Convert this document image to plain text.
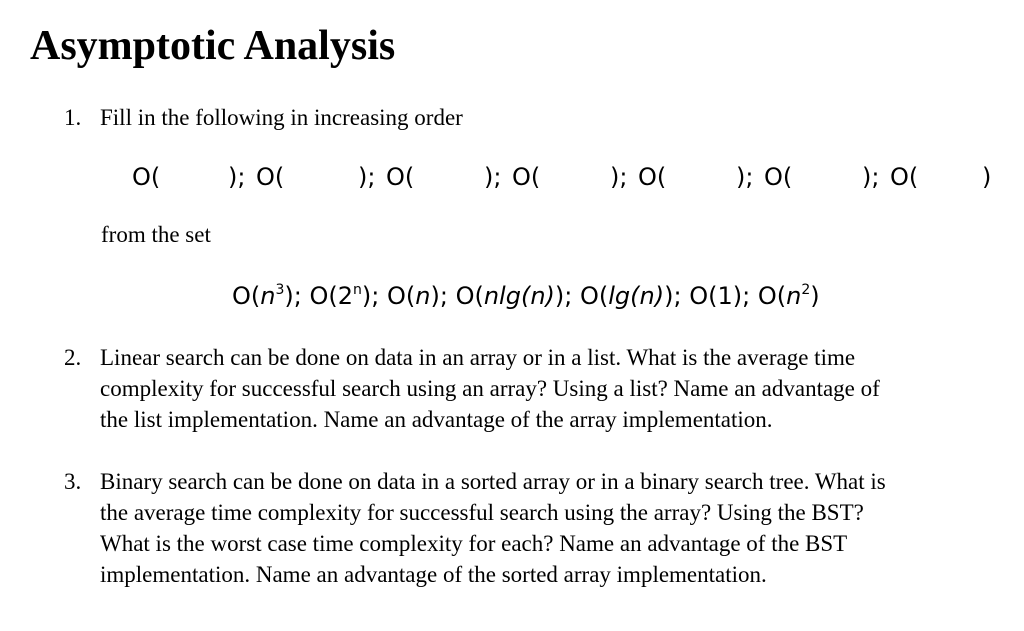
Asymptotic Analysis
1. Fill in the following in increasing order
O(	); O(	); O(	); O(	); O(	); O(	); O(	)
from the set
$O(n^3)$; O(2$^n$); O(n); O(nlg(n)); O(lg(n)); O(1); $O(n^2)$
2. Linear search can be done on data in an array or in a list. What is the average time complexity for successful search using an array? Using a list? Name an advantage of the list implementation. Name an advantage of the array implementation.
3. Binary search can be done on data in a sorted array or in a binary search tree. What is the average time complexity for successful search using the array? Using the BST? What is the worst case time complexity for each? Name an advantage of the BST implementation. Name an advantage of the sorted array implementation.
